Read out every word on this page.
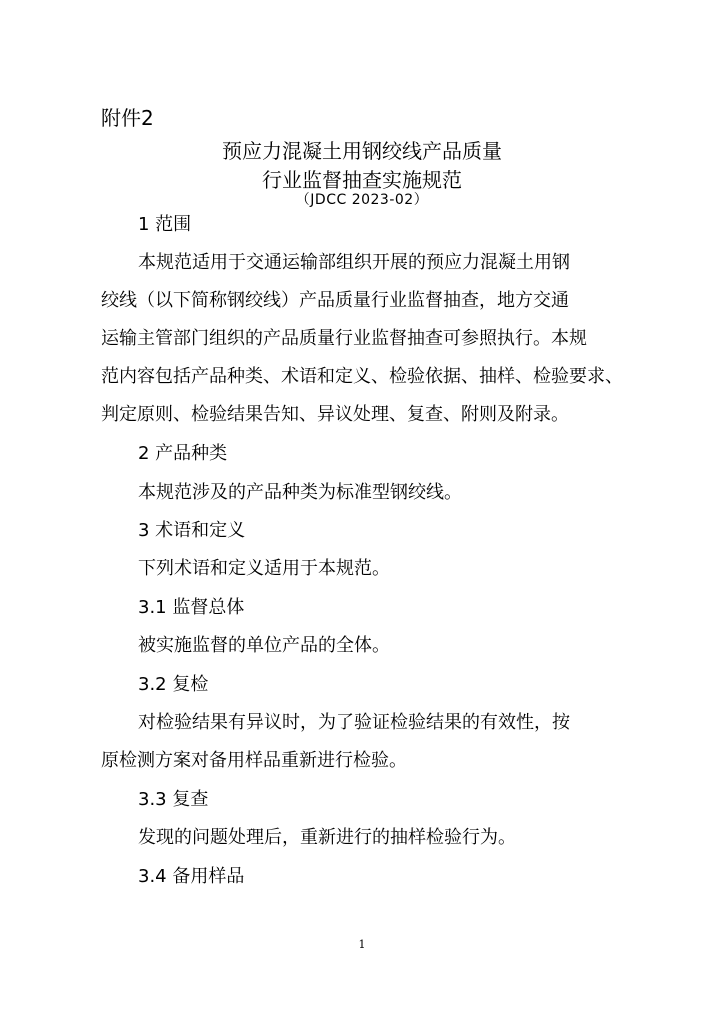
附件2
预应力混凝土用钢绞线产品质量
行业监督抽查实施规范
（JDCC 2023-02）
1 范围
本规范适用于交通运输部组织开展的预应力混凝土用钢
绞线（以下简称钢绞线）产品质量行业监督抽查，地方交通
运输主管部门组织的产品质量行业监督抽查可参照执行。本规
范内容包括产品种类、术语和定义、检验依据、抽样、检验要求、
判定原则、检验结果告知、异议处理、复查、附则及附录。
2 产品种类
本规范涉及的产品种类为标准型钢绞线。
3 术语和定义
下列术语和定义适用于本规范。
3.1 监督总体
被实施监督的单位产品的全体。
3.2 复检
对检验结果有异议时，为了验证检验结果的有效性，按
原检测方案对备用样品重新进行检验。
3.3 复查
发现的问题处理后，重新进行的抽样检验行为。
3.4 备用样品
1
